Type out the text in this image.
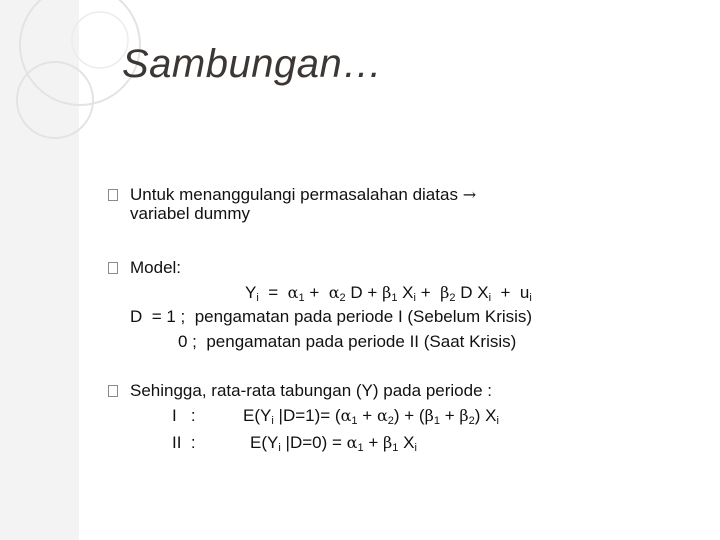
Sambungan…
Untuk menanggulangi permasalahan diatas →
variabel dummy
Model:
$Y_i = \alpha_1 + \alpha_2$ $D + \beta_1$ $X_i + \beta_2$ D $X_i + u_i$
D  = 1 ;  pengamatan pada periode I (Sebelum Krisis)
0 ;  pengamatan pada periode II (Saat Krisis)
Sehingga, rata-rata tabungan (Y) pada periode :
I   :	$E(Y_i$ $|D=1)= (\alpha_1 + \alpha_2) + (\beta_1 + \beta_2)$ $X_i$
II  :	$E(Y_i$ $|D=0) = \alpha_1 + \beta_1$ $X_i$
